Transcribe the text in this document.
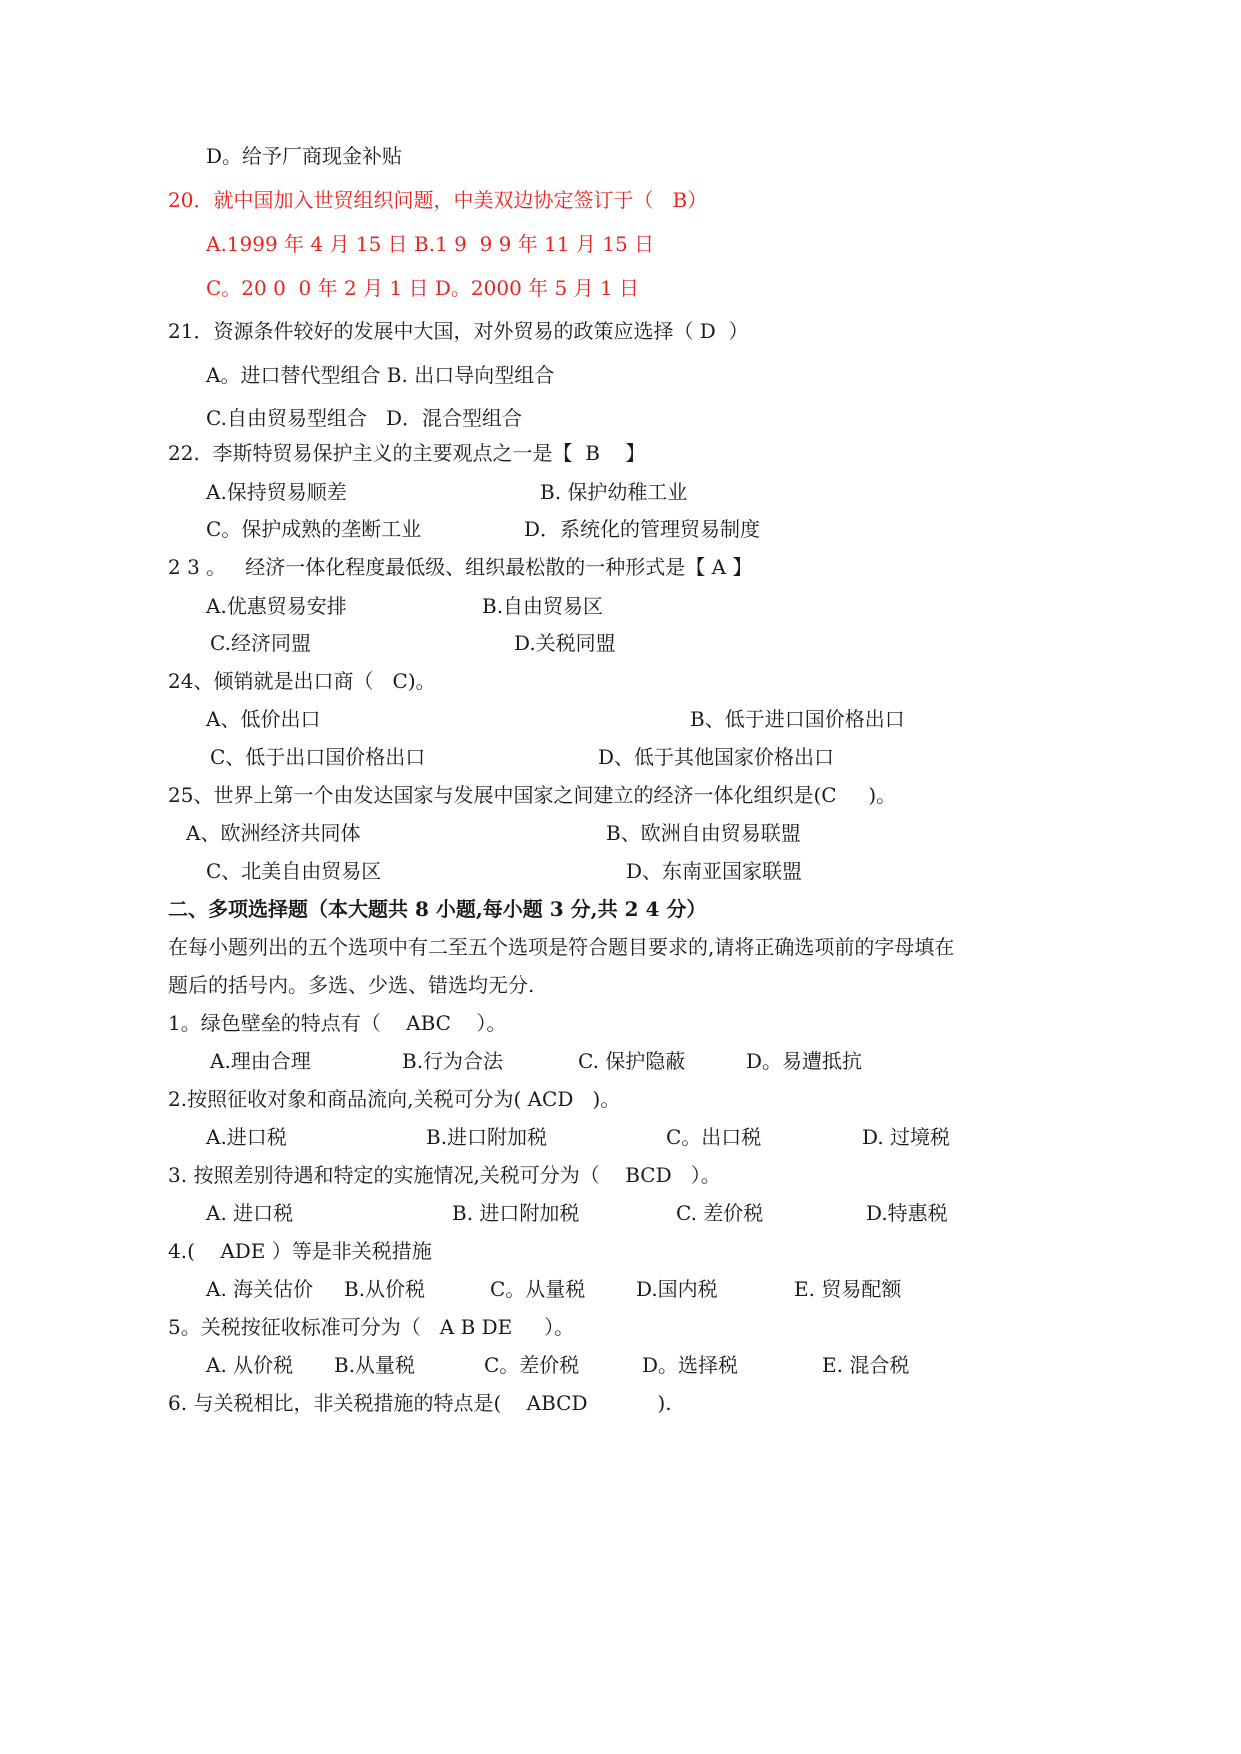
D。给予厂商现金补贴
20．就中国加入世贸组织问题，中美双边协定签订于（   B）
A.1999 年 4 月 15 日 B.1 9  9 9 年 11 月 15 日
C。20 0  0 年 2 月 1 日 D。2000 年 5 月 1 日
21．资源条件较好的发展中大国，对外贸易的政策应选择（ D  ）
A。进口替代型组合 B. 出口导向型组合
C.自由贸易型组合   D．混合型组合
22.  李斯特贸易保护主义的主要观点之一是【  B    】
A.保持贸易顺差	B. 保护幼稚工业
C。保护成熟的垄断工业	D．系统化的管理贸易制度
2 3 。   经济一体化程度最低级、组织最松散的一种形式是【 A 】
A.优惠贸易安排	B.自由贸易区
C.经济同盟	D.关税同盟
24、倾销就是出口商（   C)。
A、低价出口	B、低于进口国价格出口
C、低于出口国价格出口	D、低于其他国家价格出口
25、世界上第一个由发达国家与发展中国家之间建立的经济一体化组织是(C     )。
A、欧洲经济共同体	B、欧洲自由贸易联盟
C、北美自由贸易区	D、东南亚国家联盟
二、多项选择题（本大题共 8 小题,每小题 3 分,共 2 4 分）
在每小题列出的五个选项中有二至五个选项是符合题目要求的,请将正确选项前的字母填在
题后的括号内。多选、少选、错选均无分.
1。绿色壁垒的特点有（    ABC    ）。
A.理由合理	B.行为合法	C. 保护隐蔽	D。易遭抵抗
2.按照征收对象和商品流向,关税可分为( ACD   )。
A.进口税	B.进口附加税	C。出口税	D. 过境税
3. 按照差别待遇和特定的实施情况,关税可分为（    BCD   ）。
A. 进口税	B. 进口附加税	C. 差价税	D.特惠税
4.(    ADE ）等是非关税措施
A. 海关估价 B.从价税	C。从量税	D.国内税	E. 贸易配额
5。关税按征收标准可分为（   A B DE     ）。
A. 从价税 B.从量税	C。差价税	D。选择税	E. 混合税
6. 与关税相比，非关税措施的特点是(    ABCD           ).
